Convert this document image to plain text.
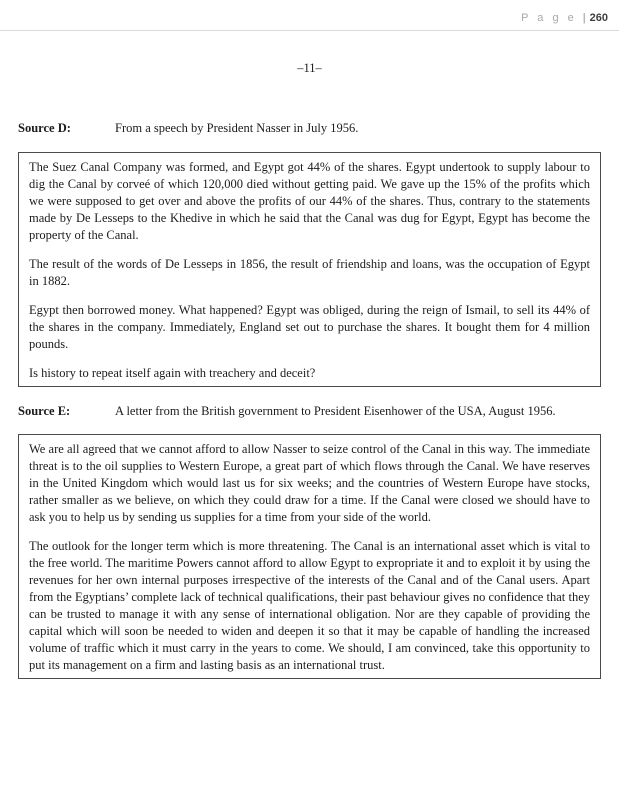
P a g e | 260
–11–
Source D:	From a speech by President Nasser in July 1956.

The Suez Canal Company was formed, and Egypt got 44% of the shares. Egypt undertook to supply labour to dig the Canal by corveé of which 120,000 died without getting paid. We gave up the 15% of the profits which we were supposed to get over and above the profits of our 44% of the shares. Thus, contrary to the statements made by De Lesseps to the Khedive in which he said that the Canal was dug for Egypt, Egypt has become the property of the Canal.

The result of the words of De Lesseps in 1856, the result of friendship and loans, was the occupation of Egypt in 1882.

Egypt then borrowed money. What happened? Egypt was obliged, during the reign of Ismail, to sell its 44% of the shares in the company. Immediately, England set out to purchase the shares. It bought them for 4 million pounds.

Is history to repeat itself again with treachery and deceit?

Source E:	A letter from the British government to President Eisenhower of the USA, August 1956.

We are all agreed that we cannot afford to allow Nasser to seize control of the Canal in this way. The immediate threat is to the oil supplies to Western Europe, a great part of which flows through the Canal. We have reserves in the United Kingdom which would last us for six weeks; and the countries of Western Europe have stocks, rather smaller as we believe, on which they could draw for a time. If the Canal were closed we should have to ask you to help us by sending us supplies for a time from your side of the world.

The outlook for the longer term which is more threatening. The Canal is an international asset which is vital to the free world. The maritime Powers cannot afford to allow Egypt to expropriate it and to exploit it by using the revenues for her own internal purposes irrespective of the interests of the Canal and of the Canal users. Apart from the Egyptians’ complete lack of technical qualifications, their past behaviour gives no confidence that they can be trusted to manage it with any sense of international obligation. Nor are they capable of providing the capital which will soon be needed to widen and deepen it so that it may be capable of handling the increased volume of traffic which it must carry in the years to come. We should, I am convinced, take this opportunity to put its management on a firm and lasting basis as an international trust.
